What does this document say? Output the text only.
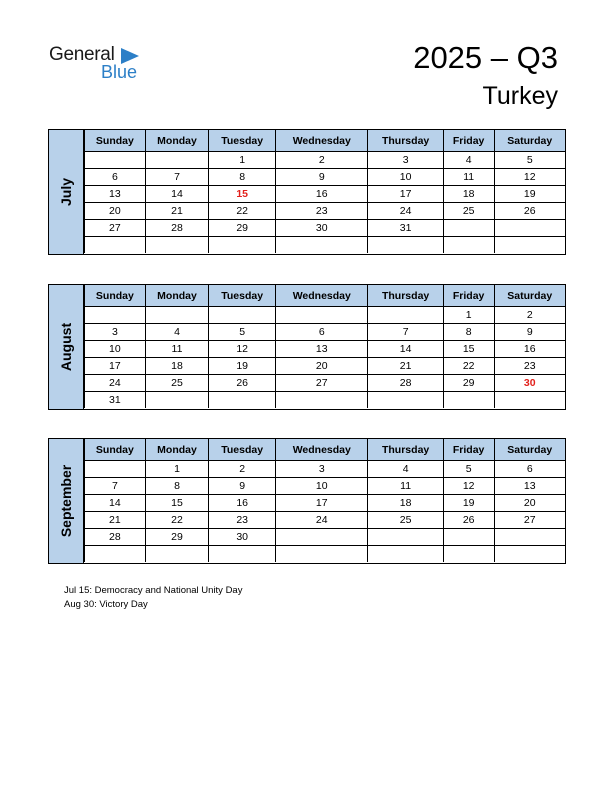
General
Blue	2025 – Q3
Turkey
July
Sunday	Monday	Tuesday	Wednesday	Thursday	Friday	Saturday
		1	2	3	4	5
6	7	8	9	10	11	12
13	14	15	16	17	18	19
20	21	22	23	24	25	26
27	28	29	30	31		

August
Sunday	Monday	Tuesday	Wednesday	Thursday	Friday	Saturday
					1	2
3	4	5	6	7	8	9
10	11	12	13	14	15	16
17	18	19	20	21	22	23
24	25	26	27	28	29	30
31						
September
Sunday	Monday	Tuesday	Wednesday	Thursday	Friday	Saturday
	1	2	3	4	5	6
7	8	9	10	11	12	13
14	15	16	17	18	19	20
21	22	23	24	25	26	27
28	29	30				

Jul 15: Democracy and National Unity Day
Aug 30: Victory Day
